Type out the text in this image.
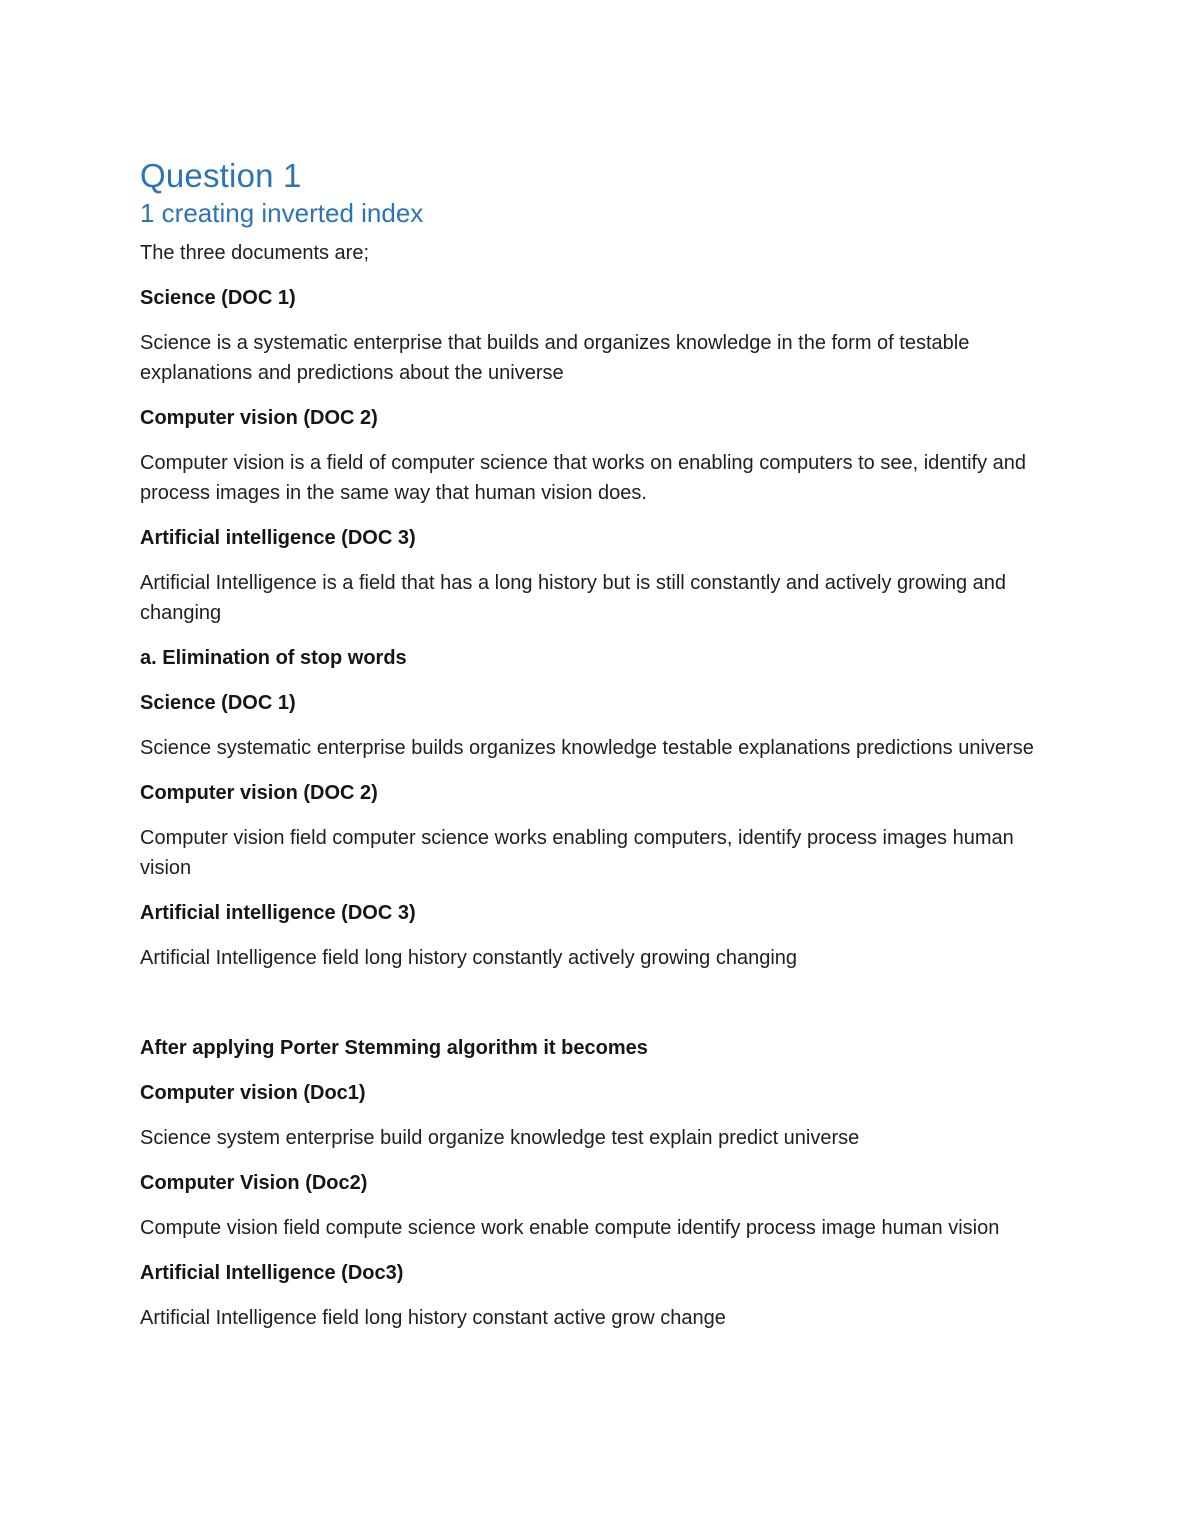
Question 1
1 creating inverted index

The three documents are;

Science (DOC 1)

Science is a systematic enterprise that builds and organizes knowledge in the form of testable explanations and predictions about the universe

Computer vision (DOC 2)

Computer vision is a field of computer science that works on enabling computers to see, identify and process images in the same way that human vision does.

Artificial intelligence (DOC 3)

Artificial Intelligence is a field that has a long history but is still constantly and actively growing and changing

a. Elimination of stop words

Science (DOC 1)

Science systematic enterprise builds organizes knowledge testable explanations predictions universe

Computer vision (DOC 2)

Computer vision field computer science works enabling computers, identify process images human vision

Artificial intelligence (DOC 3)

Artificial Intelligence field long history constantly actively growing changing

After applying Porter Stemming algorithm it becomes

Computer vision (Doc1)

Science system enterprise build organize knowledge test explain predict universe

Computer Vision (Doc2)

Compute vision field compute science work enable compute identify process image human vision

Artificial Intelligence (Doc3)

Artificial Intelligence field long history constant active grow change
